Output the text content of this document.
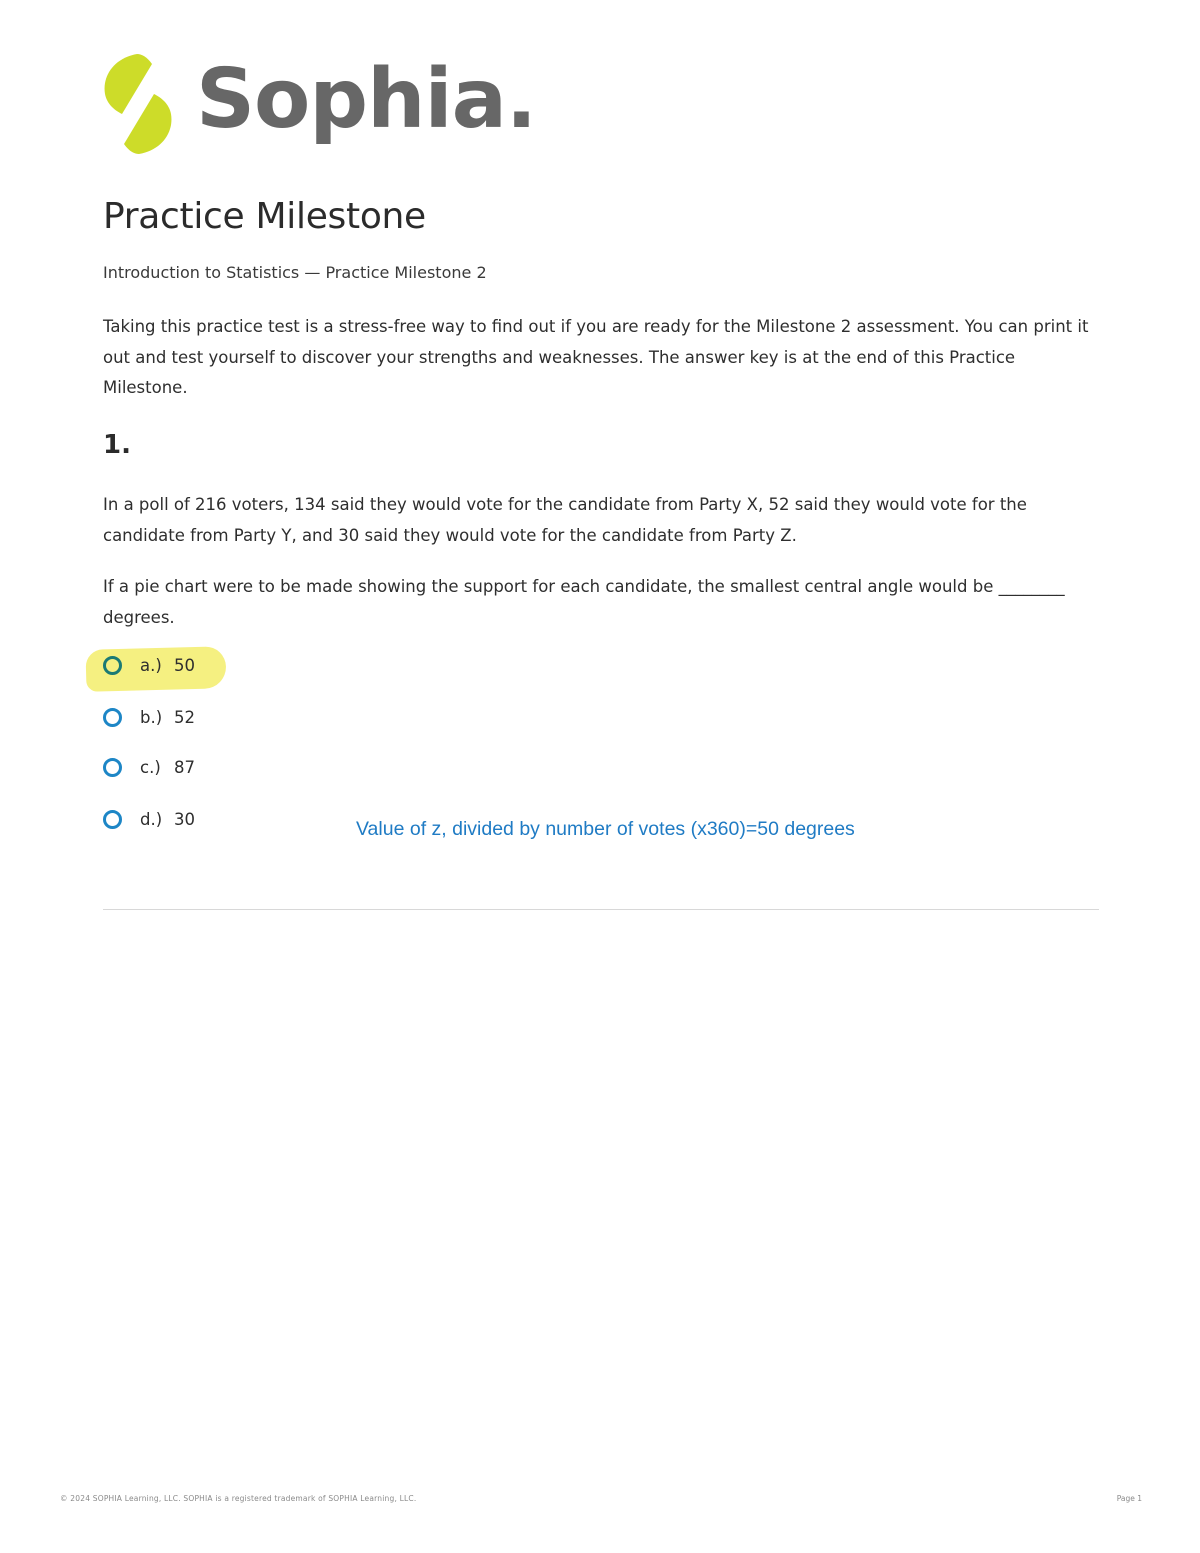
Sophia.
Practice Milestone
Introduction to Statistics — Practice Milestone 2

Taking this practice test is a stress-free way to find out if you are ready for the Milestone 2 assessment. You can print it out and test yourself to discover your strengths and weaknesses. The answer key is at the end of this Practice Milestone.

1.

In a poll of 216 voters, 134 said they would vote for the candidate from Party X, 52 said they would vote for the candidate from Party Y, and 30 said they would vote for the candidate from Party Z.

If a pie chart were to be made showing the support for each candidate, the smallest central angle would be ________ degrees.

a.) 50
b.) 52
c.) 87
d.) 30	Value of z, divided by number of votes (x360)=50 degrees
© 2024 SOPHIA Learning, LLC. SOPHIA is a registered trademark of SOPHIA Learning, LLC.	Page 1
